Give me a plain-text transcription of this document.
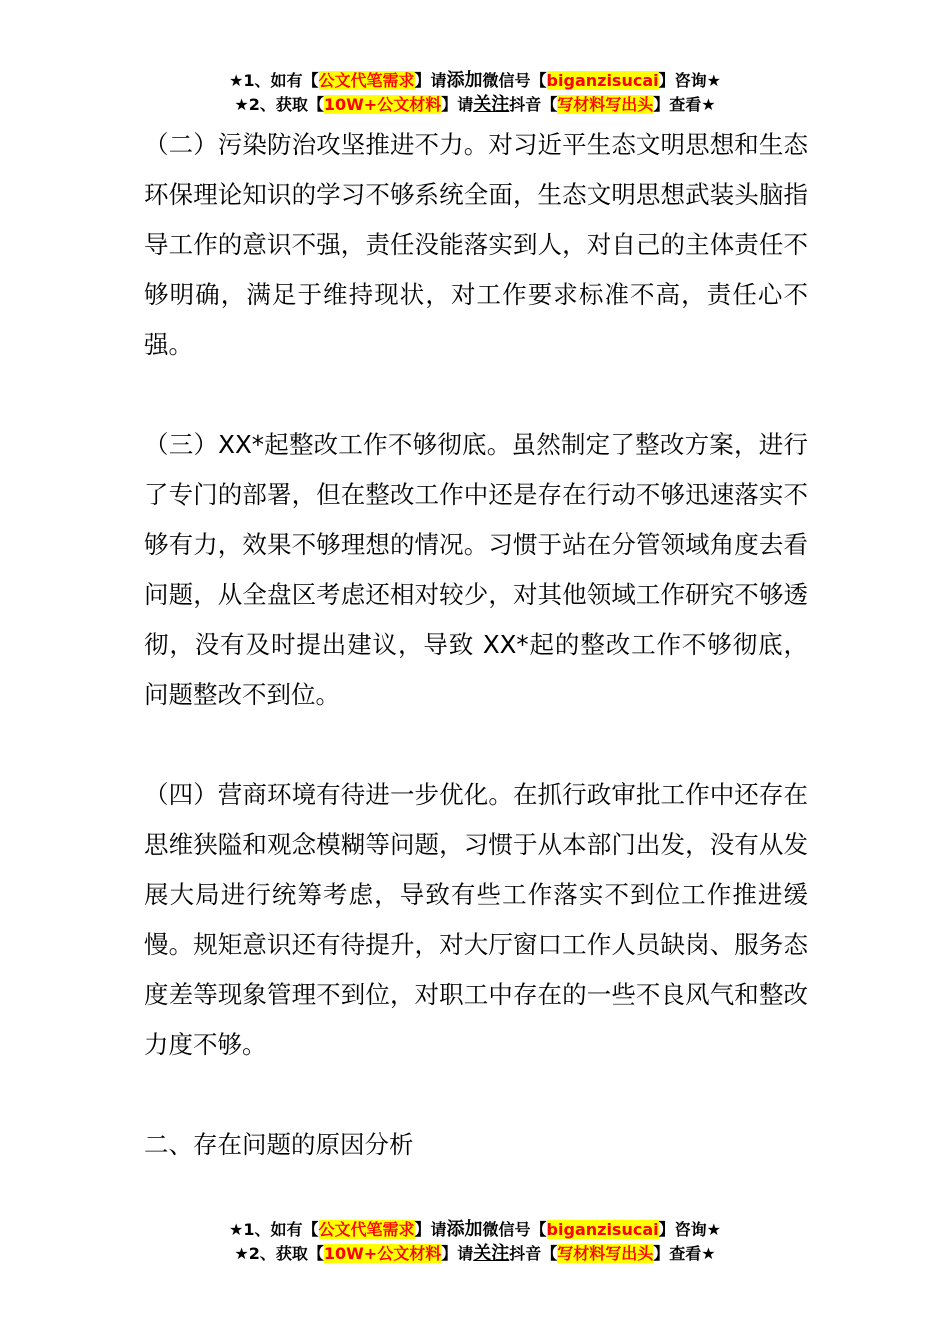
★1、如有【公文代笔需求】请添加微信号【biganzisucai】咨询★
★2、获取【10W+公文材料】请关注抖音【写材料写出头】查看★

（二）污染防治攻坚推进不力。对习近平生态文明思想和生态环保理论知识的学习不够系统全面，生态文明思想武装头脑指导工作的意识不强，责任没能落实到人，对自己的主体责任不够明确，满足于维持现状，对工作要求标准不高，责任心不强。

（三）XX*起整改工作不够彻底。虽然制定了整改方案，进行了专门的部署，但在整改工作中还是存在行动不够迅速落实不够有力，效果不够理想的情况。习惯于站在分管领域角度去看问题，从全盘区考虑还相对较少，对其他领域工作研究不够透彻，没有及时提出建议，导致 XX*起的整改工作不够彻底，问题整改不到位。

（四）营商环境有待进一步优化。在抓行政审批工作中还存在思维狭隘和观念模糊等问题，习惯于从本部门出发，没有从发展大局进行统筹考虑，导致有些工作落实不到位工作推进缓慢。规矩意识还有待提升，对大厅窗口工作人员缺岗、服务态度差等现象管理不到位，对职工中存在的一些不良风气和整改力度不够。

二、存在问题的原因分析

★1、如有【公文代笔需求】请添加微信号【biganzisucai】咨询★
★2、获取【10W+公文材料】请关注抖音【写材料写出头】查看★
